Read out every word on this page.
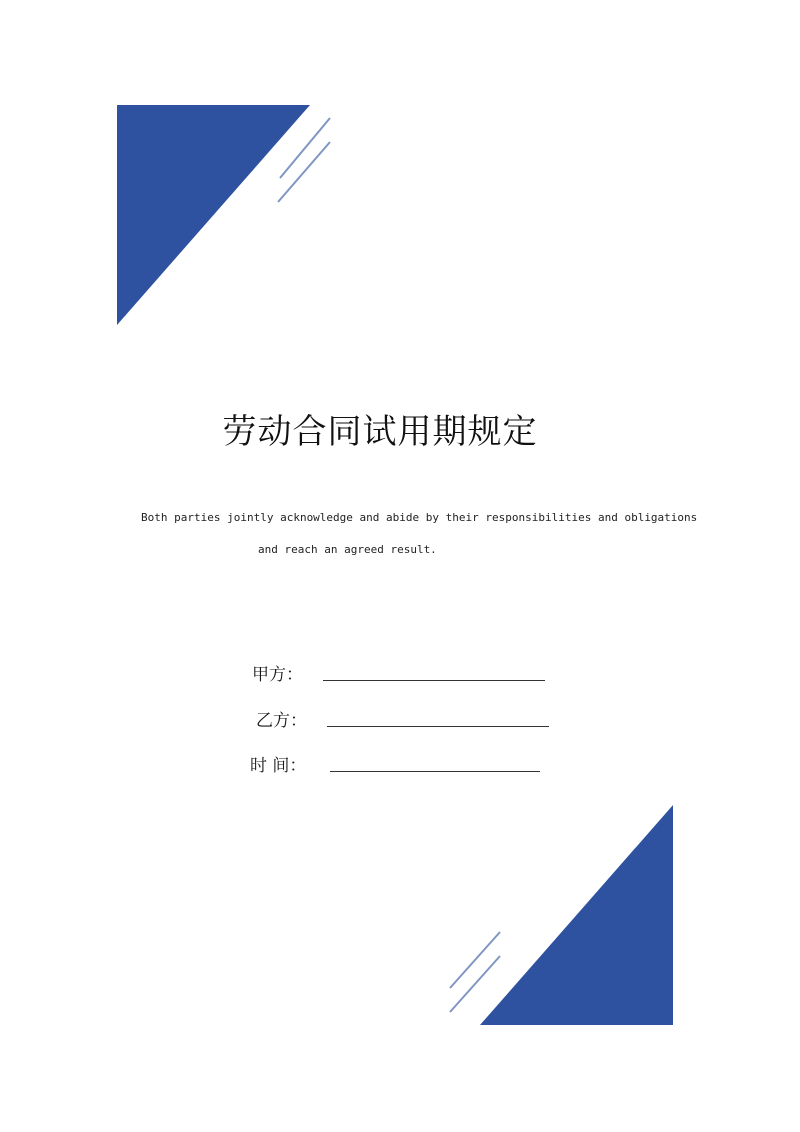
劳动合同试用期规定
Both parties jointly acknowledge and abide by their responsibilities and obligations
and reach an agreed result.
甲方：
乙方：
时 间：
